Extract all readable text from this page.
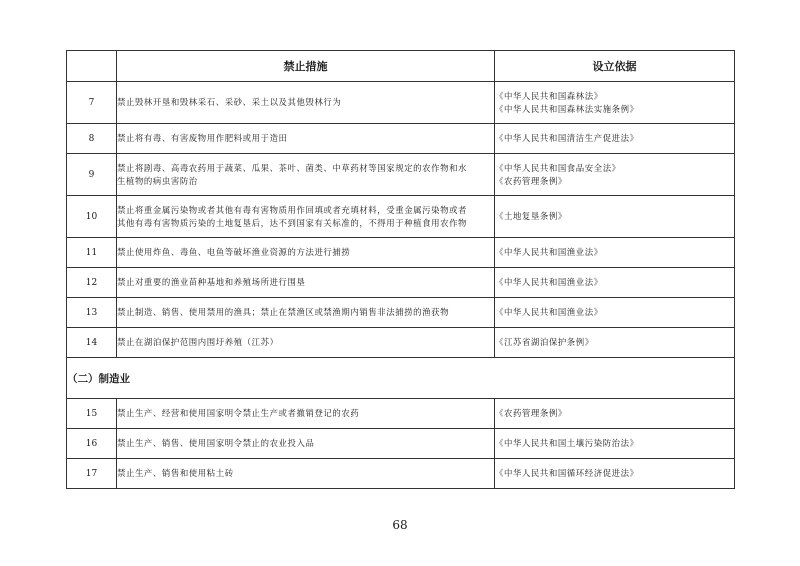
	禁止措施	设立依据
7	禁止毁林开垦和毁林采石、采砂、采土以及其他毁林行为	《中华人民共和国森林法》
《中华人民共和国森林法实施条例》

8	禁止将有毒、有害废物用作肥料或用于造田	《中华人民共和国清洁生产促进法》

9	禁止将剧毒、高毒农药用于蔬菜、瓜果、茶叶、菌类、中草药材等国家规定的农作物和水
生植物的病虫害防治	《中华人民共和国食品安全法》
《农药管理条例》

10	禁止将重金属污染物或者其他有毒有害物质用作回填或者充填材料，受重金属污染物或者
其他有毒有害物质污染的土地复垦后，达不到国家有关标准的，不得用于种植食用农作物	《土地复垦条例》

11	禁止使用炸鱼、毒鱼、电鱼等破坏渔业资源的方法进行捕捞	《中华人民共和国渔业法》

12	禁止对重要的渔业苗种基地和养殖场所进行围垦	《中华人民共和国渔业法》

13	禁止制造、销售、使用禁用的渔具；禁止在禁渔区或禁渔期内销售非法捕捞的渔获物	《中华人民共和国渔业法》

14	禁止在湖泊保护范围内围圩养殖（江苏）	《江苏省湖泊保护条例》

（二）制造业		
15	禁止生产、经营和使用国家明令禁止生产或者撤销登记的农药	《农药管理条例》

16	禁止生产、销售、使用国家明令禁止的农业投入品	《中华人民共和国土壤污染防治法》

17	禁止生产、销售和使用粘土砖	《中华人民共和国循环经济促进法》
68
